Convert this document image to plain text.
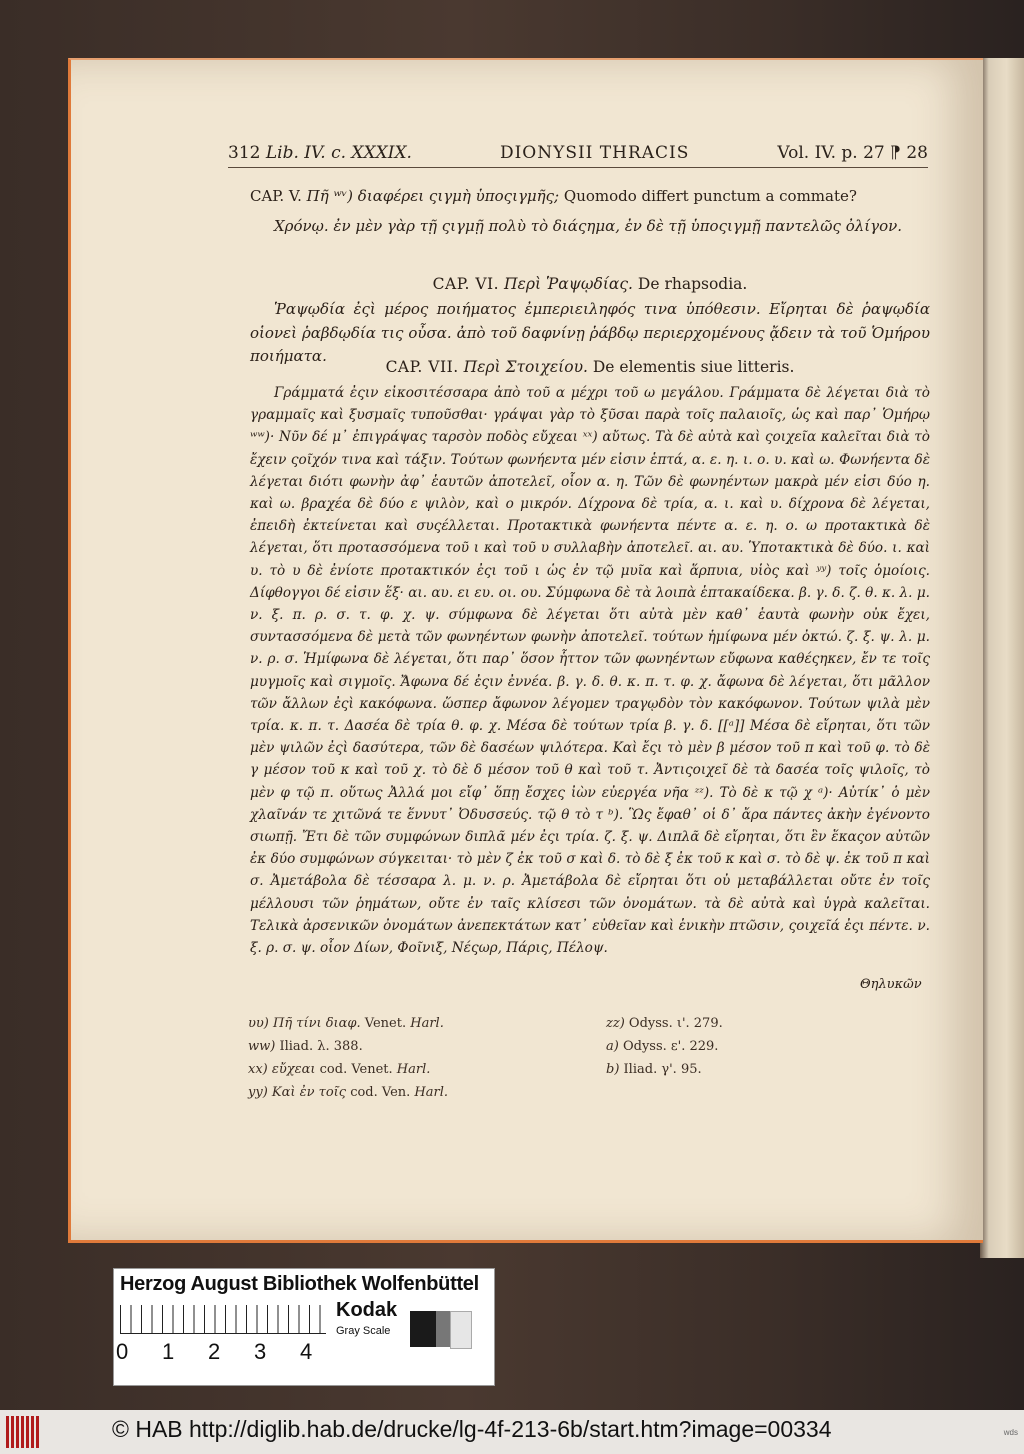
312 Lib. IV. c. XXXIX.	DIONYSII THRACIS	Vol. IV. p. 27 ⁋ 28
CAP. V. Πῆ ʷᵛ) διαφέρει ςιγμὴ ὑποςιγμῆς; Quomodo differt punctum a commate?
Χρόνῳ. ἐν μὲν γὰρ τῇ ςιγμῇ πολὺ τὸ διάςημα, ἐν δὲ τῇ ὑποςιγμῇ παντελῶς ὀλίγον.
CAP. VI. Περὶ Ῥαψῳδίας. De rhapsodia.
Ῥαψῳδία ἐςὶ μέρος ποιήματος ἐμπεριειληφός τινα ὑπόθεσιν. Εἴρηται δὲ ῥαψῳδία οἱονεὶ ῥαβδῳδία τις οὖσα. ἀπὸ τοῦ δαφνίνῃ ῥάβδῳ περιερχομένους ᾄδειν τὰ τοῦ Ὁμήρου ποιήματα.
CAP. VII. Περὶ Στοιχείου. De elementis siue litteris.
Γράμματά ἐςιν εἰκοσιτέσσαρα ἀπὸ τοῦ α μέχρι τοῦ ω μεγάλου. Γράμματα δὲ λέγεται διὰ τὸ γραμμαῖς καὶ ξυσμαῖς τυποῦσθαι· γράψαι γὰρ τὸ ξῦσαι παρὰ τοῖς παλαιοῖς, ὡς καὶ παρ᾽ Ὁμήρῳ ʷʷ)· Νῦν δέ μ᾽ ἐπιγράψας ταρσὸν ποδὸς εὔχεαι ˣˣ) αὔτως. Τὰ δὲ αὐτὰ καὶ ςοιχεῖα καλεῖται διὰ τὸ ἔχειν ςοῖχόν τινα καὶ τάξιν. Τούτων φωνήεντα μέν εἰσιν ἑπτά, α. ε. η. ι. ο. υ. καὶ ω. Φωνήεντα δὲ λέγεται διότι φωνὴν ἀφ᾽ ἑαυτῶν ἀποτελεῖ, οἷον α. η. Τῶν δὲ φωνηέντων μακρὰ μέν εἰσι δύο η. καὶ ω. βραχέα δὲ δύο ε ψιλὸν, καὶ ο μικρόν. Δίχρονα δὲ τρία, α. ι. καὶ υ. δίχρονα δὲ λέγεται, ἐπειδὴ ἐκτείνεται καὶ συςέλλεται. Προτακτικὰ φωνήεντα πέντε α. ε. η. ο. ω προτακτικὰ δὲ λέγεται, ὅτι προτασσόμενα τοῦ ι καὶ τοῦ υ συλλαβὴν ἀποτελεῖ. αι. αυ. Ὑποτακτικὰ δὲ δύο. ι. καὶ υ. τὸ υ δὲ ἐνίοτε προτακτικόν ἐςι τοῦ ι ὡς ἐν τῷ μυῖα καὶ ἅρπυια, υἱὸς καὶ ʸʸ) τοῖς ὁμοίοις. Δίφθογγοι δέ εἰσιν ἕξ· αι. αυ. ει ευ. οι. ου. Σύμφωνα δὲ τὰ λοιπὰ ἑπτακαίδεκα. β. γ. δ. ζ. θ. κ. λ. μ. ν. ξ. π. ρ. σ. τ. φ. χ. ψ. σύμφωνα δὲ λέγεται ὅτι αὐτὰ μὲν καθ᾽ ἑαυτὰ φωνὴν οὐκ ἔχει, συντασσόμενα δὲ μετὰ τῶν φωνηέντων φωνὴν ἀποτελεῖ. τούτων ἡμίφωνα μέν ὀκτώ. ζ. ξ. ψ. λ. μ. ν. ρ. σ. Ἡμίφωνα δὲ λέγεται, ὅτι παρ᾽ ὅσον ἧττον τῶν φωνηέντων εὔφωνα καθέςηκεν, ἔν τε τοῖς μυγμοῖς καὶ σιγμοῖς. Ἄφωνα δέ ἐςιν ἐννέα. β. γ. δ. θ. κ. π. τ. φ. χ. ἄφωνα δὲ λέγεται, ὅτι μᾶλλον τῶν ἄλλων ἐςὶ κακόφωνα. ὥσπερ ἄφωνον λέγομεν τραγῳδὸν τὸν κακόφωνον. Τούτων ψιλὰ μὲν τρία. κ. π. τ. Δασέα δὲ τρία θ. φ. χ. Μέσα δὲ τούτων τρία β. γ. δ. [[ᵃ]] Μέσα δὲ εἴρηται, ὅτι τῶν μὲν ψιλῶν ἐςὶ δασύτερα, τῶν δὲ δασέων ψιλότερα. Καὶ ἔςι τὸ μὲν β μέσον τοῦ π καὶ τοῦ φ. τὸ δὲ γ μέσον τοῦ κ καὶ τοῦ χ. τὸ δὲ δ μέσον τοῦ θ καὶ τοῦ τ. Ἀντιςοιχεῖ δὲ τὰ δασέα τοῖς ψιλοῖς, τὸ μὲν φ τῷ π. οὕτως Ἀλλά μοι εἴφ᾽ ὅπῃ ἔσχες ἰὼν εὐεργέα νῆα ᶻᶻ). Τὸ δὲ κ τῷ χ ᵃ)· Αὐτίκ᾽ ὁ μὲν χλαῖνάν τε χιτῶνά τε ἕννυτ᾽ Ὀδυσσεύς. τῷ θ τὸ τ ᵇ). Ὣς ἔφαθ᾽ οἱ δ᾽ ἄρα πάντες ἀκὴν ἐγένοντο σιωπῇ. Ἔτι δὲ τῶν συμφώνων διπλᾶ μέν ἐςι τρία. ζ. ξ. ψ. Διπλᾶ δὲ εἴρηται, ὅτι ἓν ἕκαςον αὐτῶν ἐκ δύο συμφώνων σύγκειται· τὸ μὲν ζ ἐκ τοῦ σ καὶ δ. τὸ δὲ ξ ἐκ τοῦ κ καὶ σ. τὸ δὲ ψ. ἐκ τοῦ π καὶ σ. Ἀμετάβολα δὲ τέσσαρα λ. μ. ν. ρ. Ἀμετάβολα δὲ εἴρηται ὅτι οὐ μεταβάλλεται οὔτε ἐν τοῖς μέλλουσι τῶν ῥημάτων, οὔτε ἐν ταῖς κλίσεσι τῶν ὀνομάτων. τὰ δὲ αὐτὰ καὶ ὑγρὰ καλεῖται. Τελικὰ ἀρσενικῶν ὀνομάτων ἀνεπεκτάτων κατ᾽ εὐθεῖαν καὶ ἑνικὴν πτῶσιν, ςοιχεῖά ἐςι πέντε. ν. ξ. ρ. σ. ψ. οἷον Δίων, Φοῖνιξ, Νέςωρ, Πάρις, Πέλοψ.
Θηλυκῶν
υυ) Πῆ τίνι διαφ. Venet. Harl.
ww) Iliad. λ. 388.
xx) εὔχεαι cod. Venet. Harl.
yy) Καὶ ἐν τοῖς cod. Ven. Harl.
zz) Odyss. ι'. 279.
a) Odyss. ε'. 229.
b) Iliad. γ'. 95.
Herzog August Bibliothek Wolfenbüttel
0	1	2	3	4
Kodak
Gray Scale
© HAB http://diglib.hab.de/drucke/lg-4f-213-6b/start.htm?image=00334	wds
